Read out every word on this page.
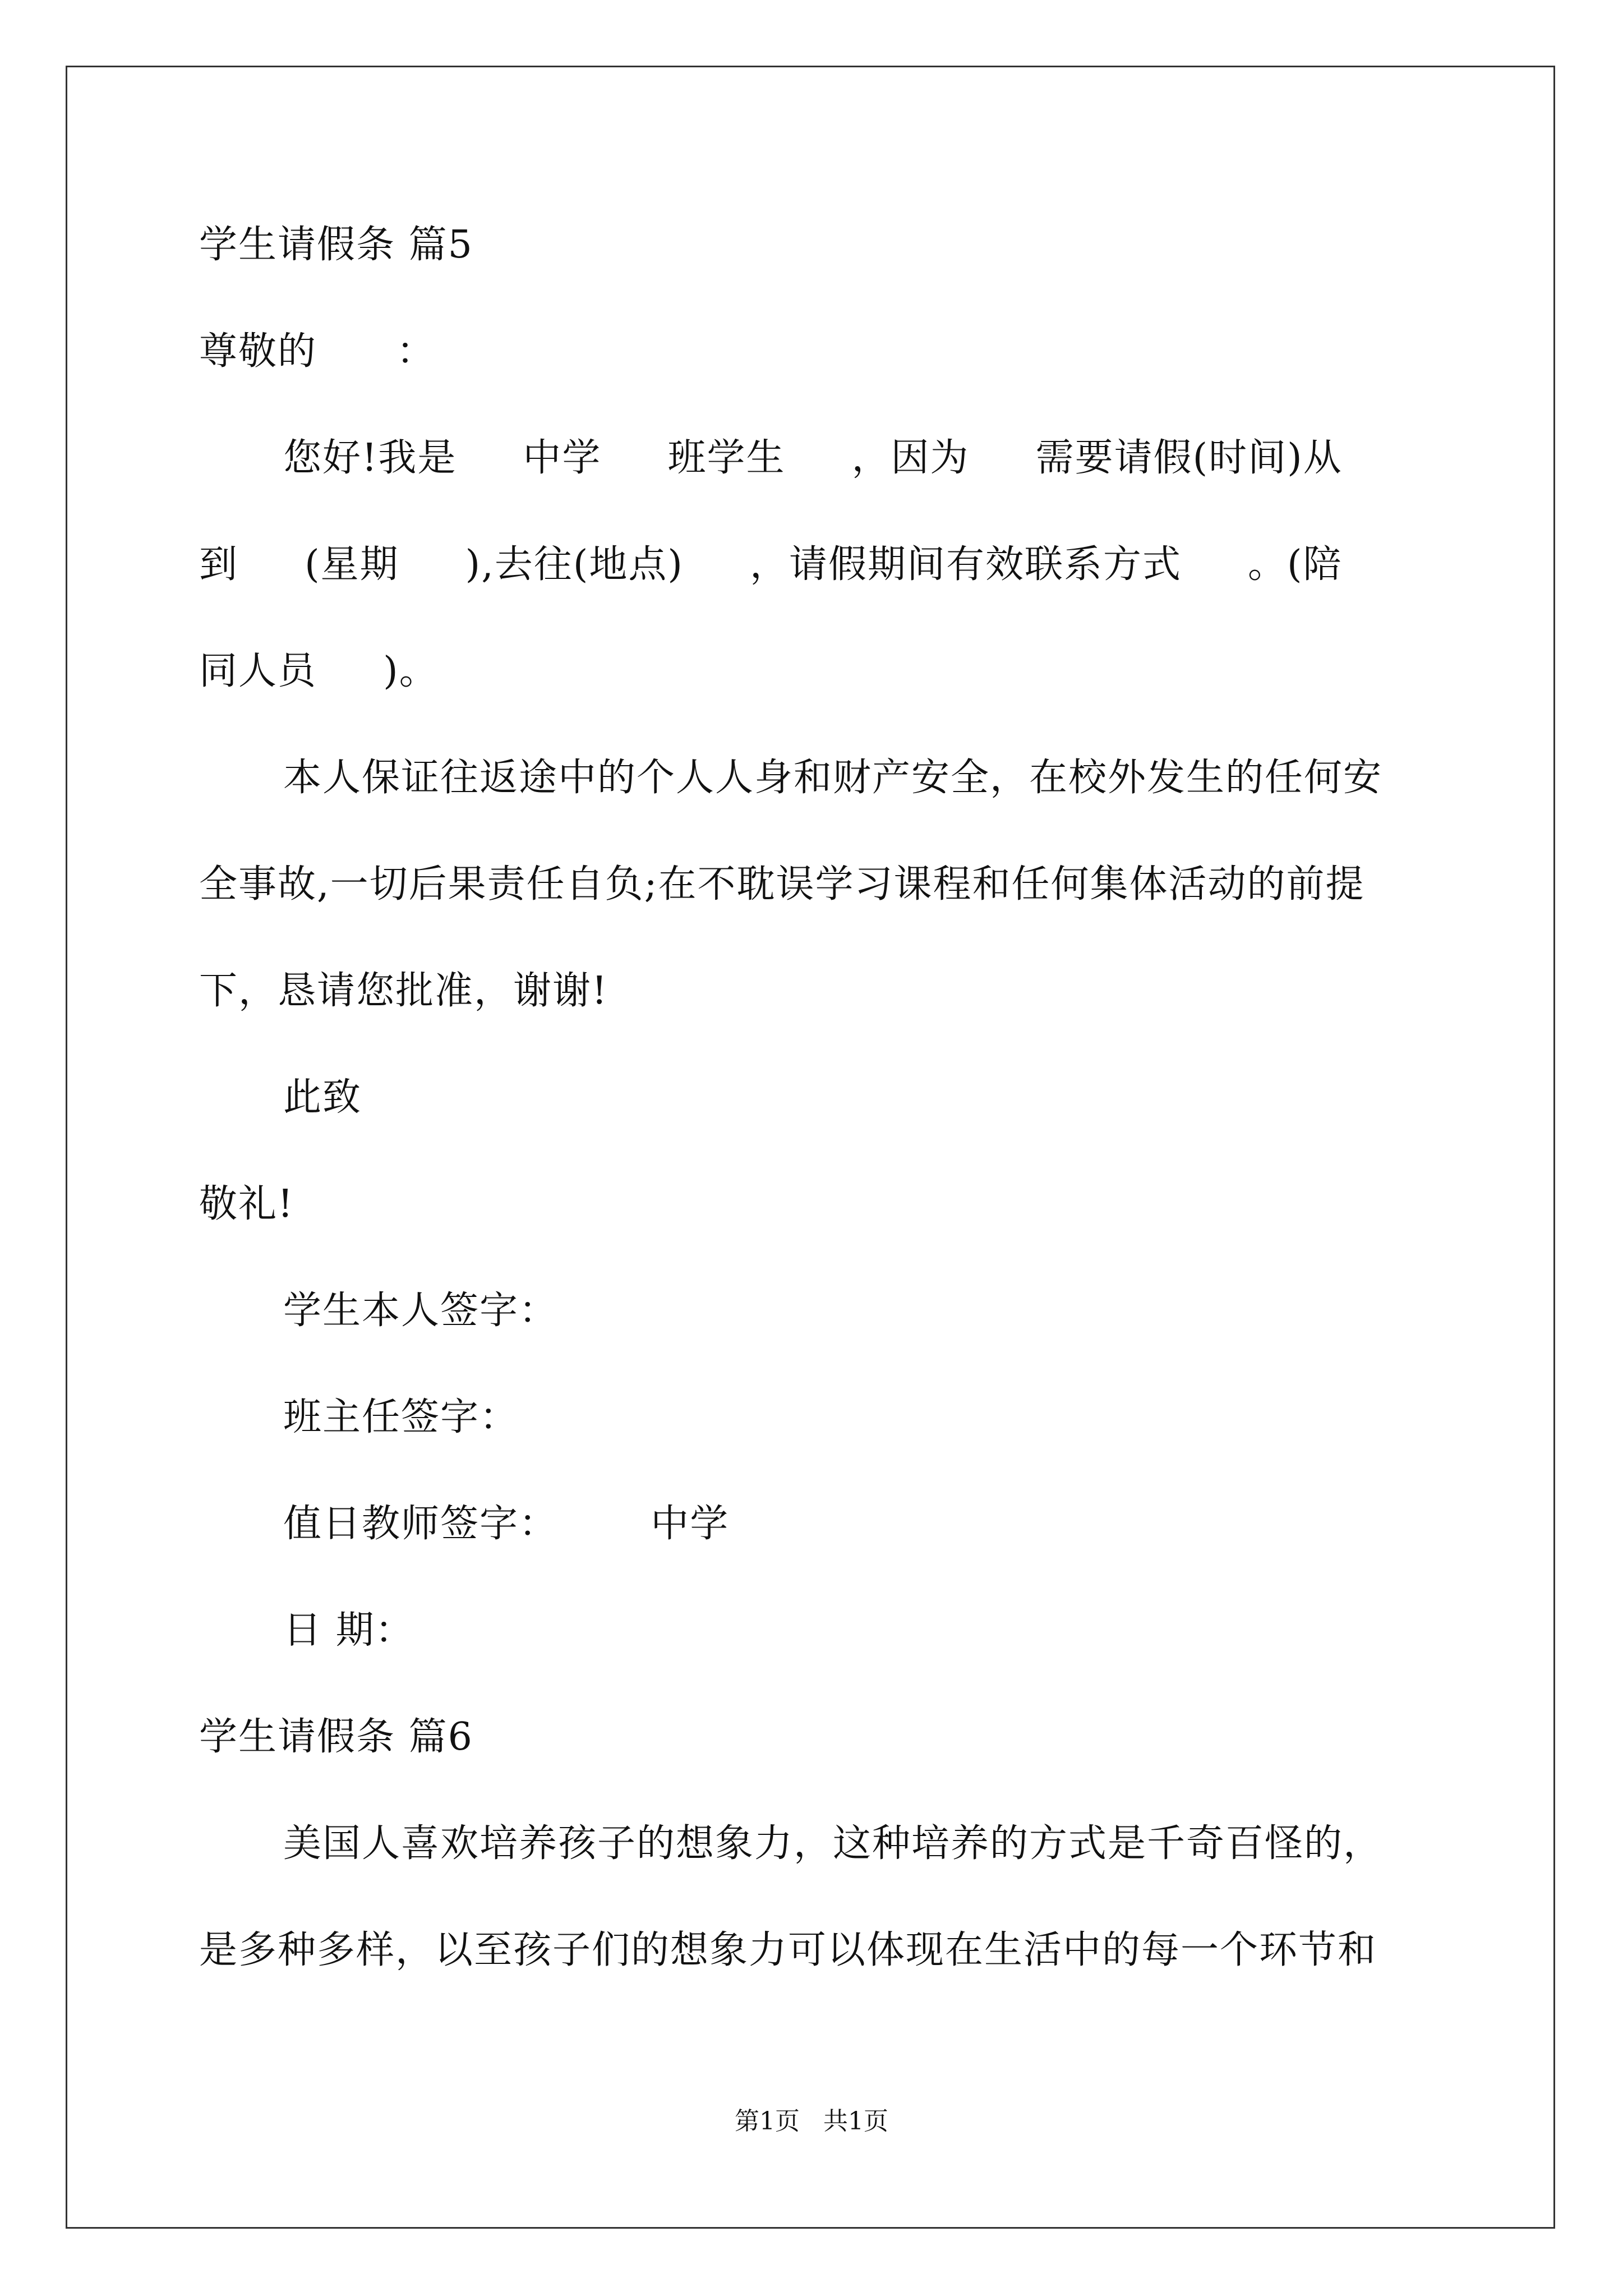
学生请假条 篇5
尊敬的      ：
您好!我是     中学     班学生     ，因为     需要请假(时间)从
到     (星期     ),去往(地点)     ，请假期间有效联系方式     。(陪
同人员     )。
本人保证往返途中的个人人身和财产安全，在校外发生的任何安
全事故,一切后果责任自负;在不耽误学习课程和任何集体活动的前提
下，恳请您批准，谢谢!
此致
敬礼!
学生本人签字：
班主任签字：
值日教师签字：       中学
日 期：
学生请假条 篇6
美国人喜欢培养孩子的想象力，这种培养的方式是千奇百怪的，
是多种多样，以至孩子们的想象力可以体现在生活中的每一个环节和
第1页   共1页
